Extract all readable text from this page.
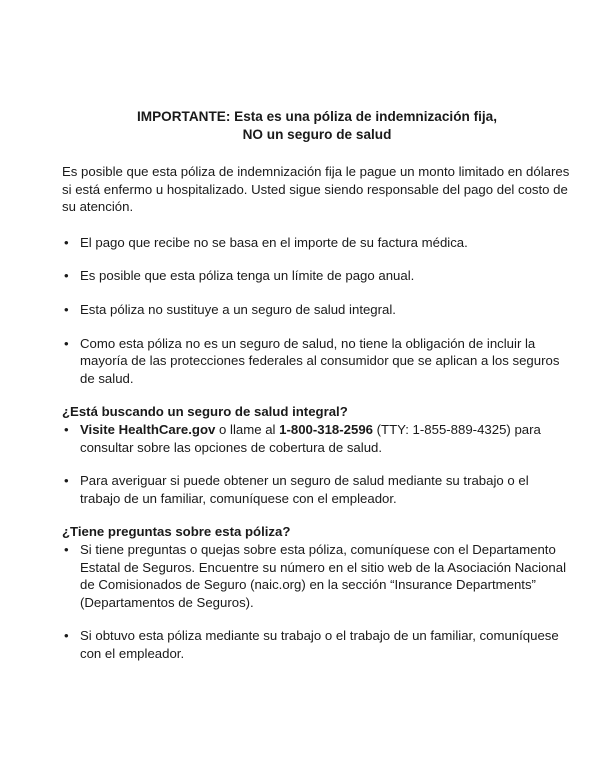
IMPORTANTE: Esta es una póliza de indemnización fija,
NO un seguro de salud

Es posible que esta póliza de indemnización fija le pague un monto limitado en dólares si está enfermo u hospitalizado. Usted sigue siendo responsable del pago del costo de su atención.

• El pago que recibe no se basa en el importe de su factura médica.
• Es posible que esta póliza tenga un límite de pago anual.
• Esta póliza no sustituye a un seguro de salud integral.
• Como esta póliza no es un seguro de salud, no tiene la obligación de incluir la mayoría de las protecciones federales al consumidor que se aplican a los seguros de salud.

¿Está buscando un seguro de salud integral?

• Visite HealthCare.gov o llame al 1-800-318-2596 (TTY: 1-855-889-4325) para consultar sobre las opciones de cobertura de salud.
• Para averiguar si puede obtener un seguro de salud mediante su trabajo o el trabajo de un familiar, comuníquese con el empleador.

¿Tiene preguntas sobre esta póliza?

• Si tiene preguntas o quejas sobre esta póliza, comuníquese con el Departamento Estatal de Seguros. Encuentre su número en el sitio web de la Asociación Nacional de Comisionados de Seguro (naic.org) en la sección “Insurance Departments” (Departamentos de Seguros).
• Si obtuvo esta póliza mediante su trabajo o el trabajo de un familiar, comuníquese con el empleador.
